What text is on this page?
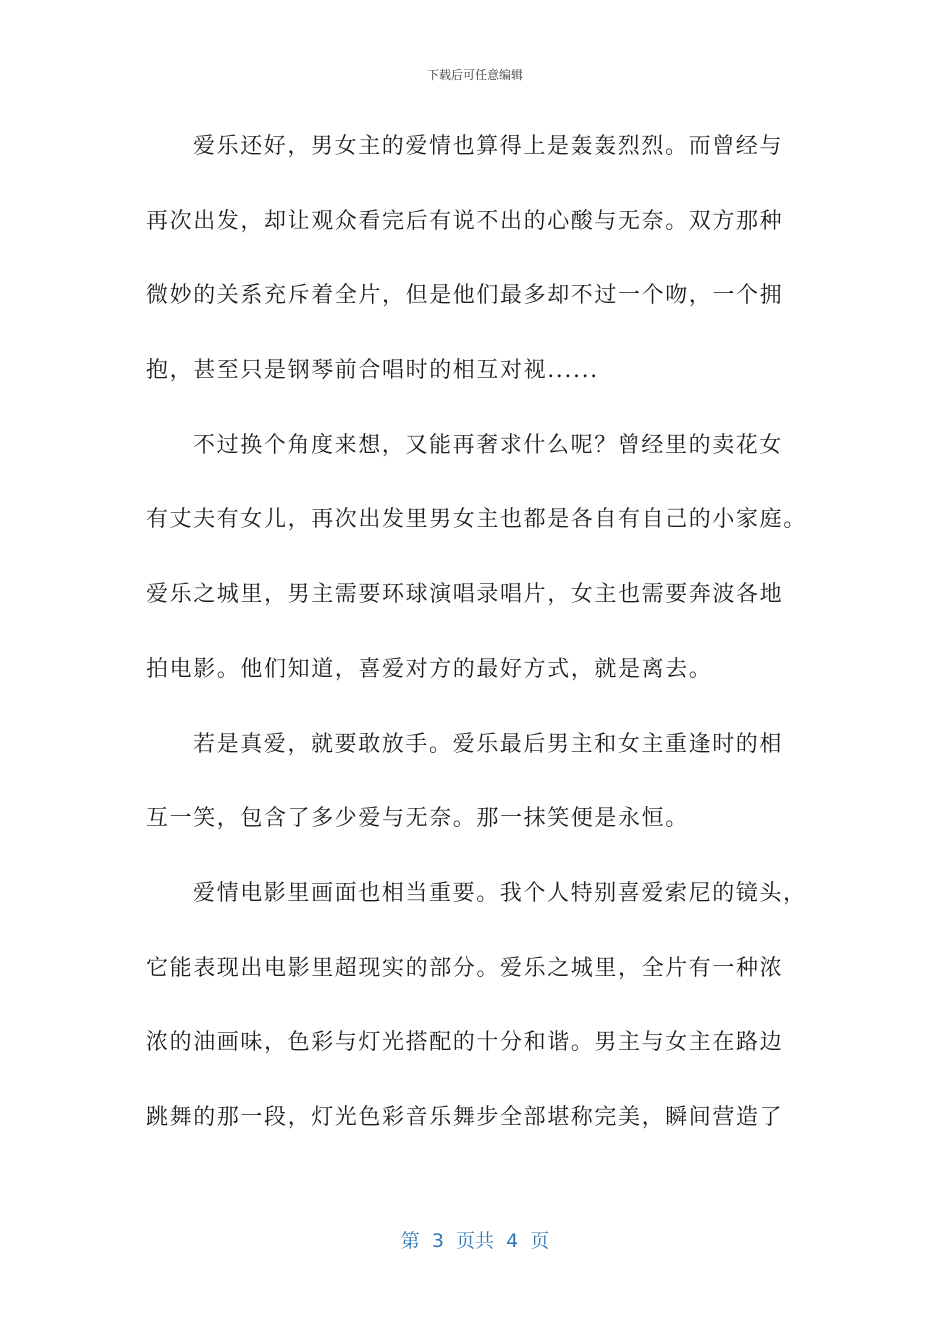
下载后可任意编辑
爱乐还好，男女主的爱情也算得上是轰轰烈烈。而曾经与
再次出发，却让观众看完后有说不出的心酸与无奈。双方那种
微妙的关系充斥着全片，但是他们最多却不过一个吻，一个拥
抱，甚至只是钢琴前合唱时的相互对视......
不过换个角度来想，又能再奢求什么呢？曾经里的卖花女
有丈夫有女儿，再次出发里男女主也都是各自有自己的小家庭。
爱乐之城里，男主需要环球演唱录唱片，女主也需要奔波各地
拍电影。他们知道，喜爱对方的最好方式，就是离去。
若是真爱，就要敢放手。爱乐最后男主和女主重逢时的相
互一笑，包含了多少爱与无奈。那一抹笑便是永恒。
爱情电影里画面也相当重要。我个人特别喜爱索尼的镜头，
它能表现出电影里超现实的部分。爱乐之城里，全片有一种浓
浓的油画味，色彩与灯光搭配的十分和谐。男主与女主在路边
跳舞的那一段，灯光色彩音乐舞步全部堪称完美，瞬间营造了
第  3  页共  4  页
